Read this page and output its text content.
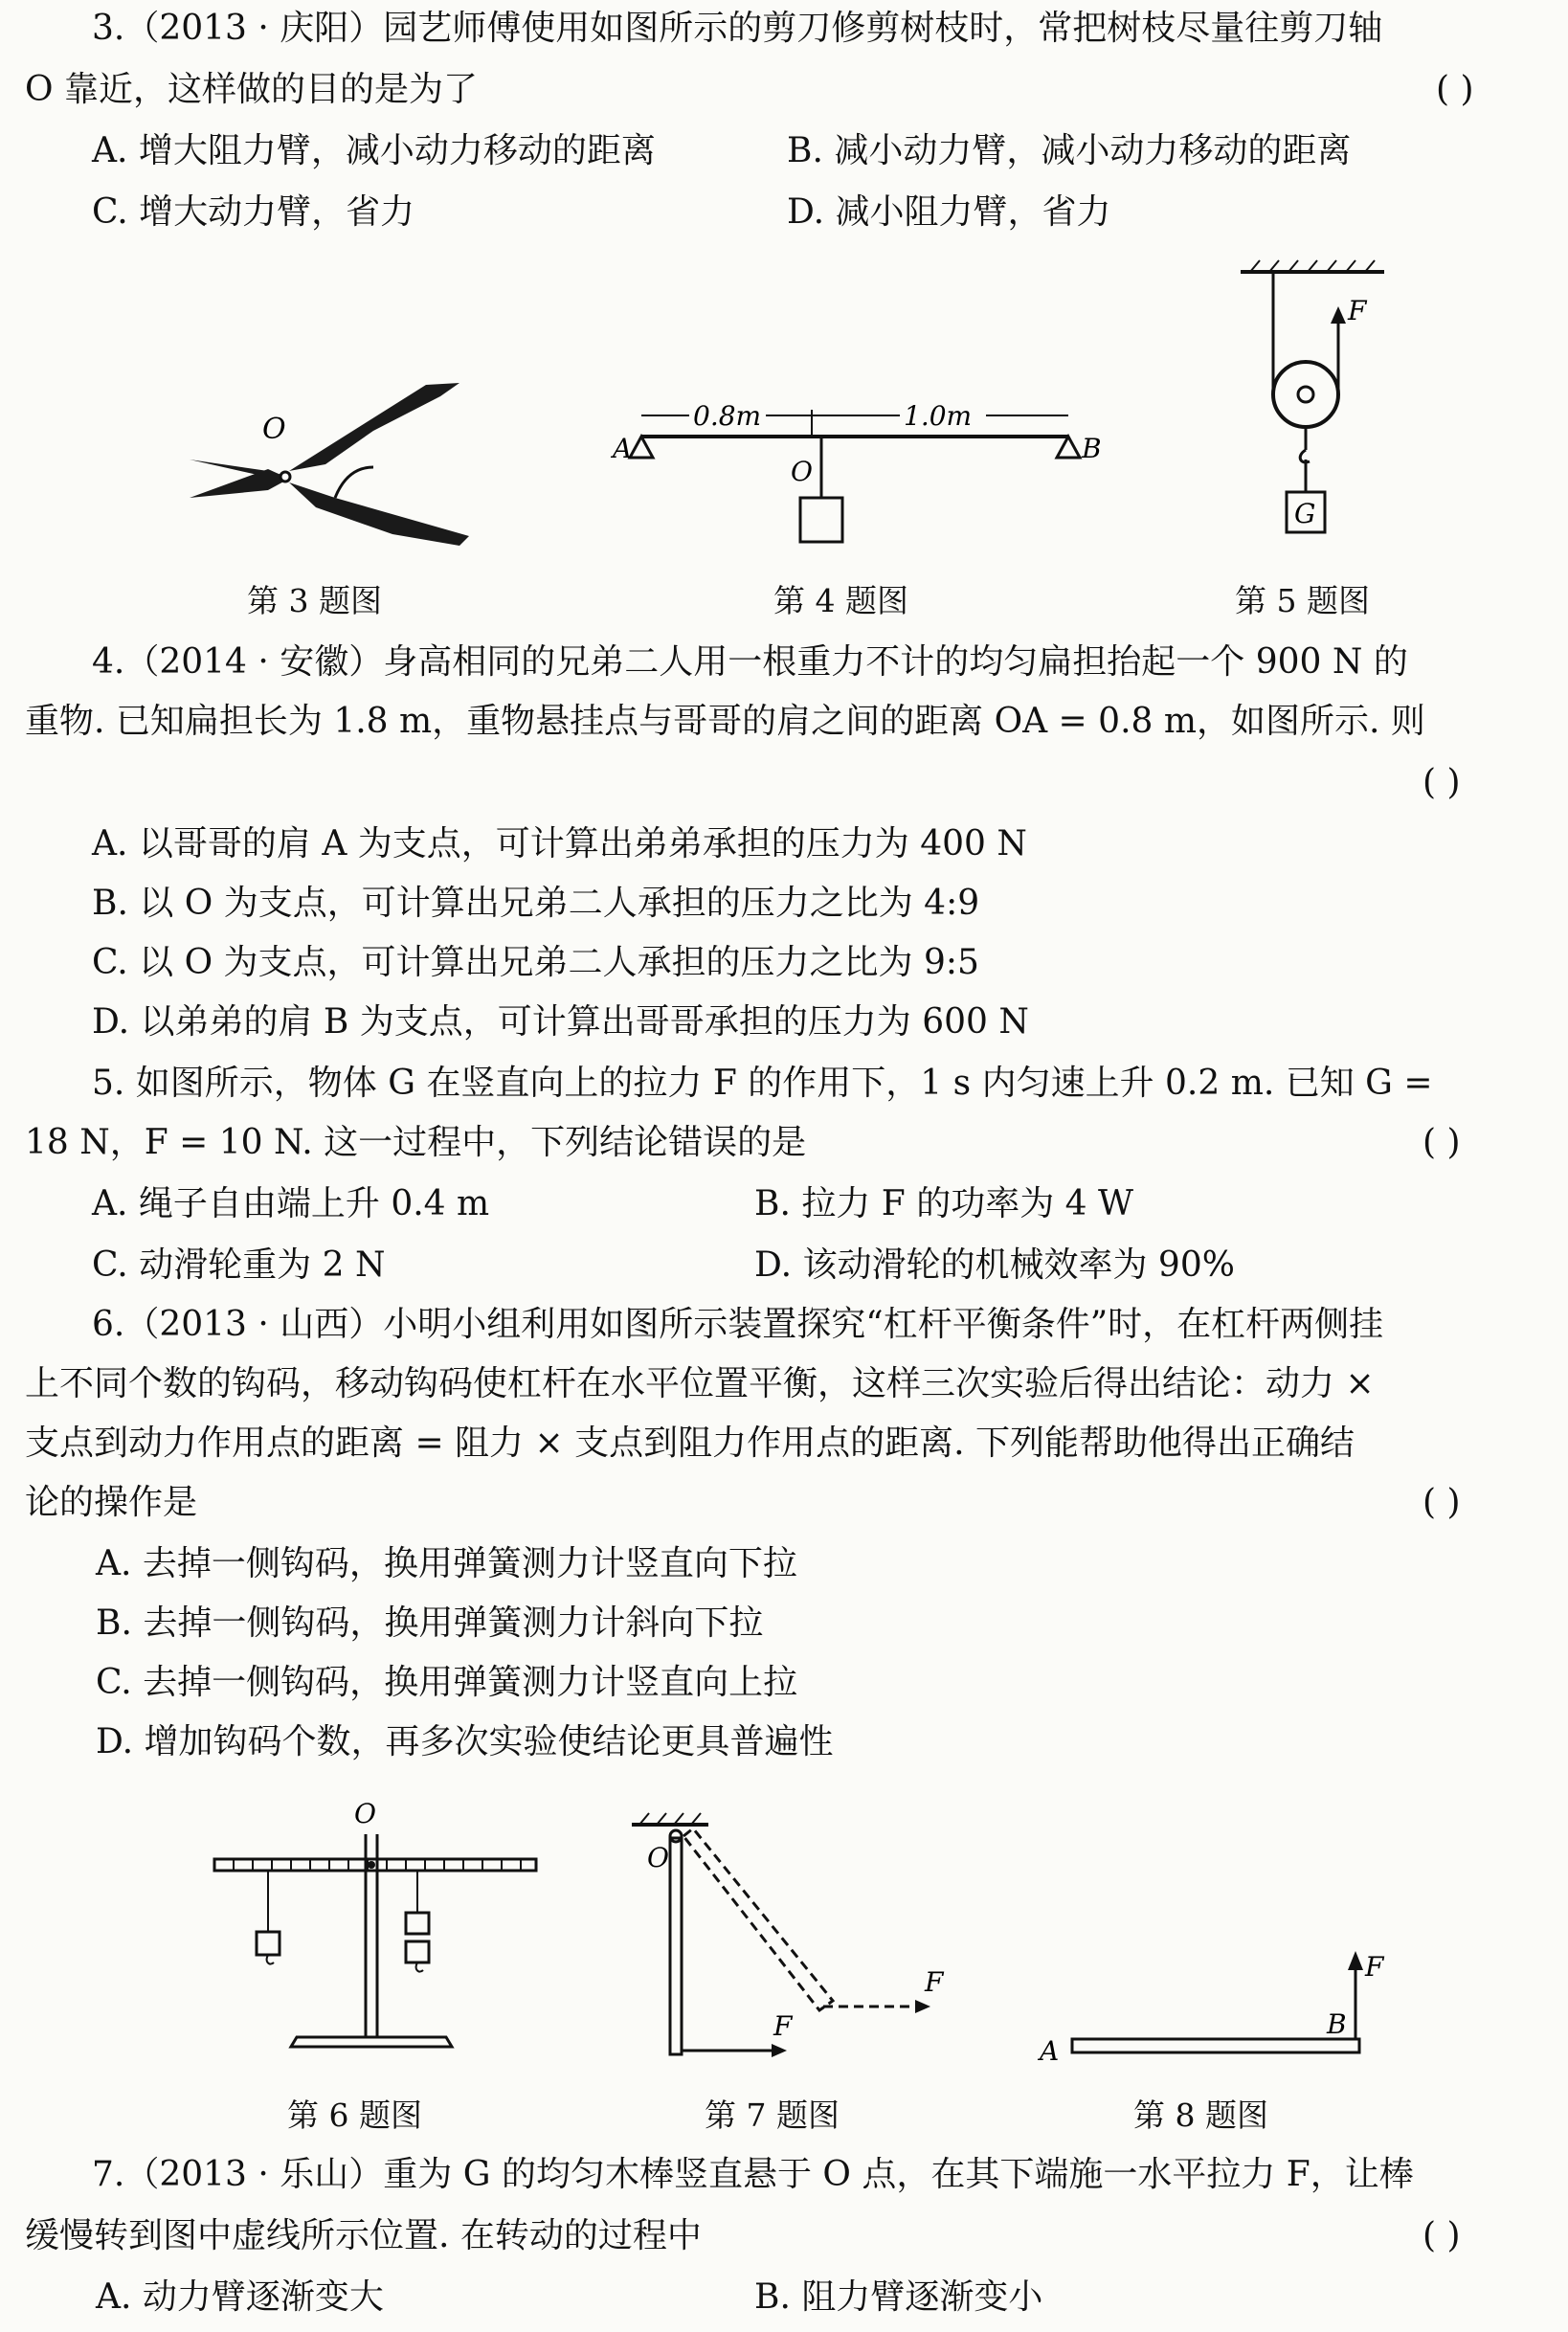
3.（2013 · 庆阳）园艺师傅使用如图所示的剪刀修剪树枝时，常把树枝尽量往剪刀轴
O 靠近，这样做的目的是为了	( )
A. 增大阻力臂，减小动力移动的距离	B. 减小动力臂，减小动力移动的距离
C. 增大动力臂，省力	D. 减小阻力臂，省力
O
第 3 题图
0.8m	1.0m
A	B
O
第 4 题图
F
G
第 5 题图
4.（2014 · 安徽）身高相同的兄弟二人用一根重力不计的均匀扁担抬起一个 900 N 的
重物. 已知扁担长为 1.8 m，重物悬挂点与哥哥的肩之间的距离 OA = 0.8 m，如图所示. 则
( )
A. 以哥哥的肩 A 为支点，可计算出弟弟承担的压力为 400 N
B. 以 O 为支点，可计算出兄弟二人承担的压力之比为 4:9
C. 以 O 为支点，可计算出兄弟二人承担的压力之比为 9:5
D. 以弟弟的肩 B 为支点，可计算出哥哥承担的压力为 600 N
5. 如图所示，物体 G 在竖直向上的拉力 F 的作用下，1 s 内匀速上升 0.2 m. 已知 G =
18 N，F = 10 N. 这一过程中，下列结论错误的是	( )
A. 绳子自由端上升 0.4 m	B. 拉力 F 的功率为 4 W
C. 动滑轮重为 2 N	D. 该动滑轮的机械效率为 90%
6.（2013 · 山西）小明小组利用如图所示装置探究“杠杆平衡条件”时，在杠杆两侧挂
上不同个数的钩码，移动钩码使杠杆在水平位置平衡，这样三次实验后得出结论：动力 ×
支点到动力作用点的距离 = 阻力 × 支点到阻力作用点的距离. 下列能帮助他得出正确结
论的操作是	( )
A. 去掉一侧钩码，换用弹簧测力计竖直向下拉
B. 去掉一侧钩码，换用弹簧测力计斜向下拉
C. 去掉一侧钩码，换用弹簧测力计竖直向上拉
D. 增加钩码个数，再多次实验使结论更具普遍性
O
第 6 题图
O
F
F
第 7 题图
A
F
B
第 8 题图
7.（2013 · 乐山）重为 G 的均匀木棒竖直悬于 O 点，在其下端施一水平拉力 F，让棒
缓慢转到图中虚线所示位置. 在转动的过程中	( )
A. 动力臂逐渐变大	B. 阻力臂逐渐变小
